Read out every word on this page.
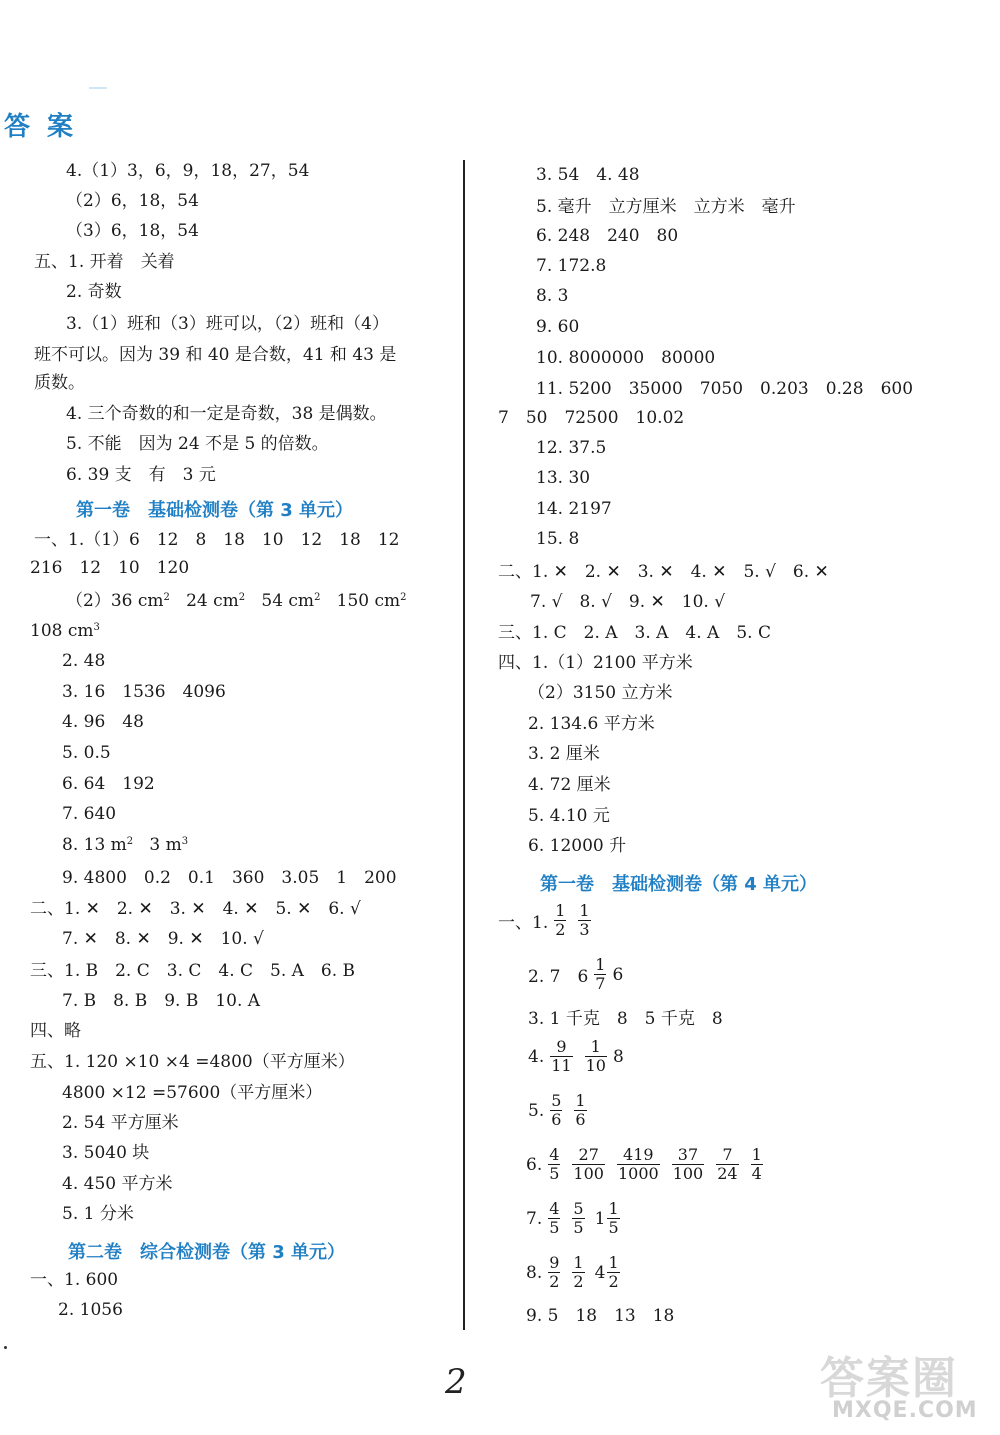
答 案
4.（1）3，6，9，18，27，54
（2）6，18，54
（3）6，18，54
五、1. 开着　关着
2. 奇数
3.（1）班和（3）班可以，（2）班和（4）
班不可以。因为 39 和 40 是合数，41 和 43 是
质数。
4. 三个奇数的和一定是奇数，38 是偶数。
5. 不能　因为 24 不是 5 的倍数。
6. 39 支　有　3 元
第一卷　基础检测卷（第 3 单元）
一、1.（1）6　12　8　18　10　12　18　12
216　12　10　120
（2）36 $cm^2$ 24 $cm^2$ 54 $cm^2$ 150 $cm^2$
108 $cm^3$
2. 48
3. 16　1536　4096
4. 96　48
5. 0.5
6. 64　192
7. 640
8. 13 $m^2$ 3 $m^3$
9. 4800　0.2　0.1　360　3.05　1　200
二、1. ✕　2. ✕　3. ✕　4. ✕　5. ✕　6. √
7. ✕　8. ✕　9. ✕　10. √
三、1. B　2. C　3. C　4. C　5. A　6. B
7. B　8. B　9. B　10. A
四、略
五、1. 120 ×10 ×4 =4800（平方厘米）
4800 ×12 =57600（平方厘米）
2. 54 平方厘米
3. 5040 块
4. 450 平方米
5. 1 分米
第二卷　综合检测卷（第 3 单元）
一、1. 600
2. 1056
3. 54　4. 48
5. 毫升　立方厘米　立方米　毫升
6. 248　240　80
7. 172.8
8. 3
9. 60
10. 8000000　80000
11. 5200　35000　7050　0.203　0.28　600
7　50　72500　10.02
12. 37.5
13. 30
14. 2197
15. 8
二、1. ✕　2. ✕　3. ✕　4. ✕　5. √　6. ✕
7. √　8. √　9. ✕　10. √
三、1. C　2. A　3. A　4. A　5. C
四、1.（1）2100 平方米
（2）3150 立方米
2. 134.6 平方米
3. 2 厘米
4. 72 厘米
5. 4.10 元
6. 12000 升
第一卷　基础检测卷（第 4 单元）
一、1.
1
2
1
3
2. 7　6
1
7 6
3. 1 千克　8　5 千克　8
4. 9
11
1
10 8
5. 5
6
1
6
6. 4
5
27
100
419
1000
37
100
7
24
1
4
7. 4
5
5
5 1 1
5
8. 9
2
1
2 4 1
2
9. 5　18　13　18
2	答案圈
MXQE.COM
